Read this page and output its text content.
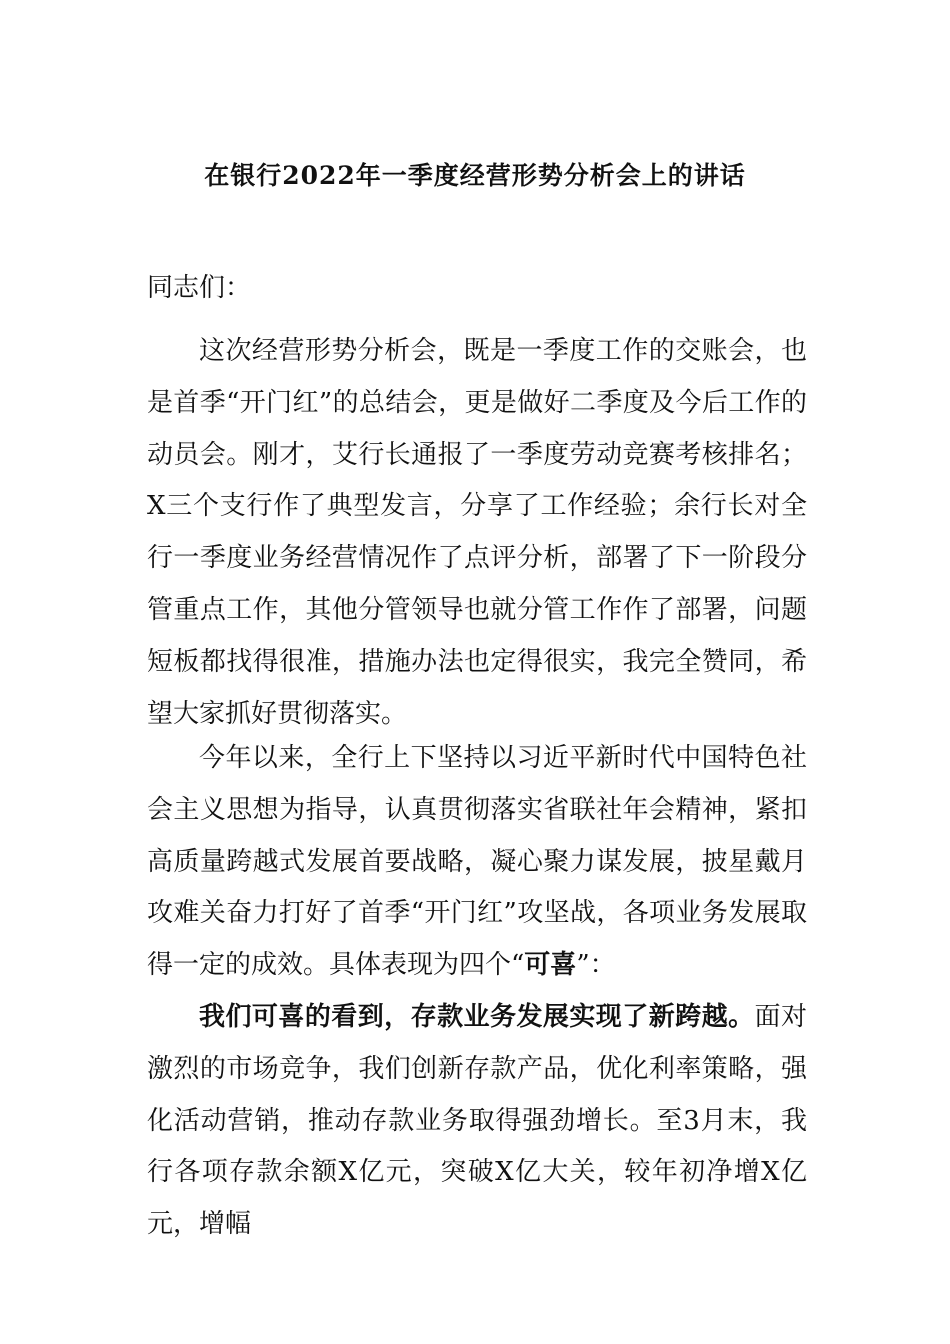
在银行2022年一季度经营形势分析会上的讲话
同志们：

这次经营形势分析会，既是一季度工作的交账会，也是首季“开门红”的总结会，更是做好二季度及今后工作的动员会。刚才，艾行长通报了一季度劳动竞赛考核排名；X三个支行作了典型发言，分享了工作经验；余行长对全行一季度业务经营情况作了点评分析，部署了下一阶段分管重点工作，其他分管领导也就分管工作作了部署，问题短板都找得很准，措施办法也定得很实，我完全赞同，希望大家抓好贯彻落实。

今年以来，全行上下坚持以习近平新时代中国特色社会主义思想为指导，认真贯彻落实省联社年会精神，紧扣高质量跨越式发展首要战略，凝心聚力谋发展，披星戴月攻难关奋力打好了首季“开门红”攻坚战，各项业务发展取得一定的成效。具体表现为四个“可喜”：

我们可喜的看到，存款业务发展实现了新跨越。面对激烈的市场竞争，我们创新存款产品，优化利率策略，强化活动营销，推动存款业务取得强劲增长。至3月末，我行各项存款余额X亿元，突破X亿大关，较年初净增X亿元，增幅
